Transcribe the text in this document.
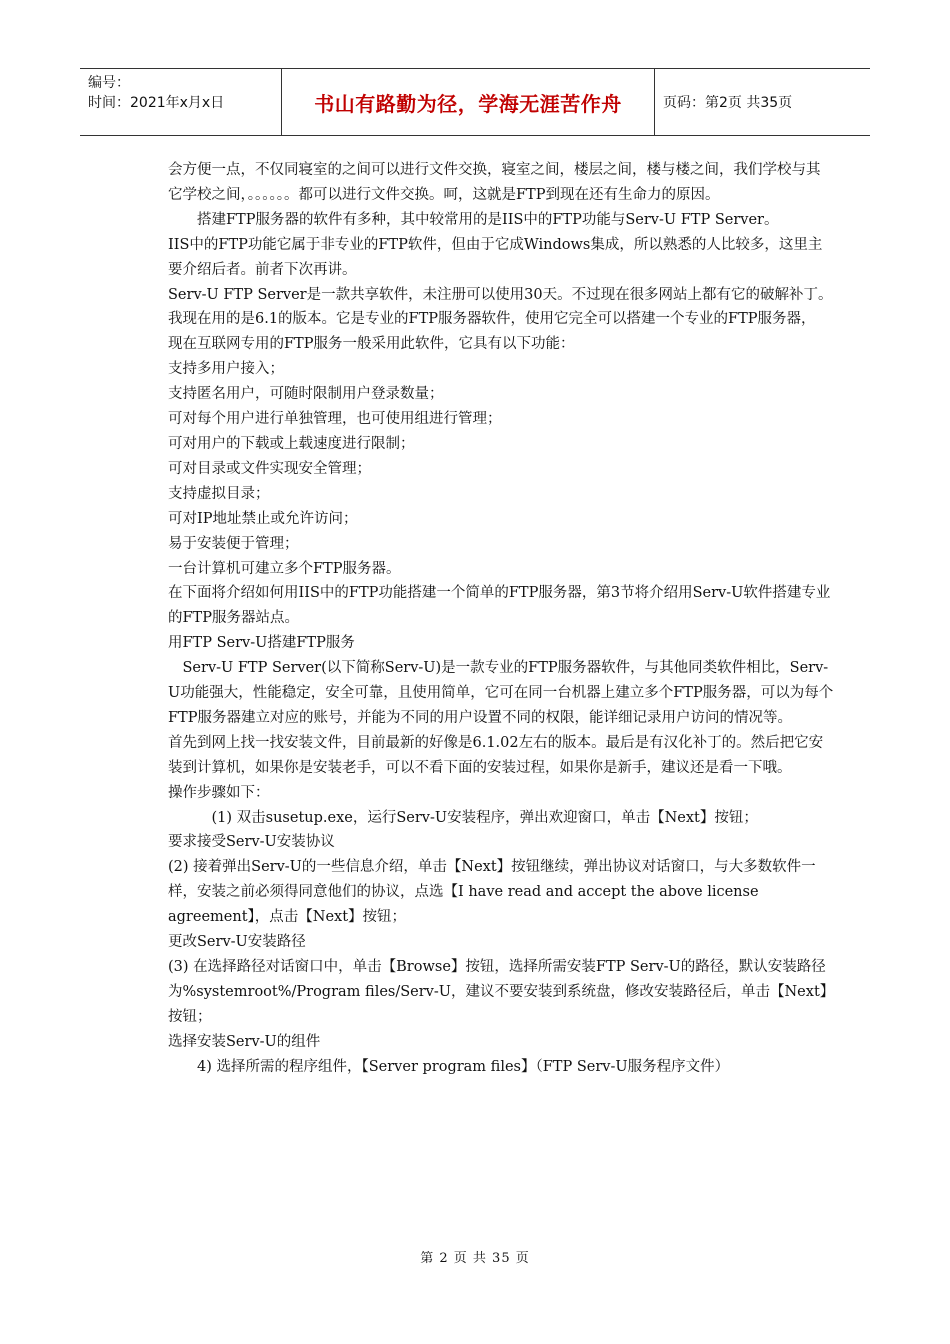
编号：
时间：2021年x月x日	书山有路勤为径，学海无涯苦作舟	页码：第2页 共35页

会方便一点，不仅同寝室的之间可以进行文件交换，寝室之间，楼层之间，楼与楼之间，我们学校与其它学校之间，。。。。。。都可以进行文件交换。呵，这就是FTP到现在还有生命力的原因。

　　搭建FTP服务器的软件有多种，其中较常用的是IIS中的FTP功能与Serv-U FTP Server。

IIS中的FTP功能它属于非专业的FTP软件，但由于它成Windows集成，所以熟悉的人比较多，这里主要介绍后者。前者下次再讲。

Serv-U FTP Server是一款共享软件，未注册可以使用30天。不过现在很多网站上都有它的破解补丁。我现在用的是6.1的版本。它是专业的FTP服务器软件，使用它完全可以搭建一个专业的FTP服务器，

现在互联网专用的FTP服务一般采用此软件，它具有以下功能：

支持多用户接入；

支持匿名用户，可随时限制用户登录数量；

可对每个用户进行单独管理，也可使用组进行管理；

可对用户的下载或上载速度进行限制；

可对目录或文件实现安全管理；

支持虚拟目录；

可对IP地址禁止或允许访问；

易于安装便于管理；

一台计算机可建立多个FTP服务器。

在下面将介绍如何用IIS中的FTP功能搭建一个简单的FTP服务器，第3节将介绍用Serv-U软件搭建专业的FTP服务器站点。

用FTP Serv-U搭建FTP服务

　Serv-U FTP Server(以下简称Serv-U)是一款专业的FTP服务器软件，与其他同类软件相比，Serv-U功能强大，性能稳定，安全可靠，且使用简单，它可在同一台机器上建立多个FTP服务器，可以为每个FTP服务器建立对应的账号，并能为不同的用户设置不同的权限，能详细记录用户访问的情况等。

首先到网上找一找安装文件，目前最新的好像是6.1.02左右的版本。最后是有汉化补丁的。然后把它安装到计算机，如果你是安装老手，可以不看下面的安装过程，如果你是新手，建议还是看一下哦。

操作步骤如下：

　　　(1) 双击susetup.exe，运行Serv-U安装程序，弹出欢迎窗口，单击【Next】按钮；

要求接受Serv-U安装协议

(2) 接着弹出Serv-U的一些信息介绍，单击【Next】按钮继续，弹出协议对话窗口，与大多数软件一样，安装之前必须得同意他们的协议，点选【I have read and accept the above license agreement】，点击【Next】按钮；

更改Serv-U安装路径

(3) 在选择路径对话窗口中，单击【Browse】按钮，选择所需安装FTP Serv-U的路径，默认安装路径为%systemroot%/Program files/Serv-U，建议不要安装到系统盘，修改安装路径后，单击【Next】按钮；

选择安装Serv-U的组件

　　4) 选择所需的程序组件，【Server program files】（FTP Serv-U服务程序文件）

第 2 页 共 35 页
